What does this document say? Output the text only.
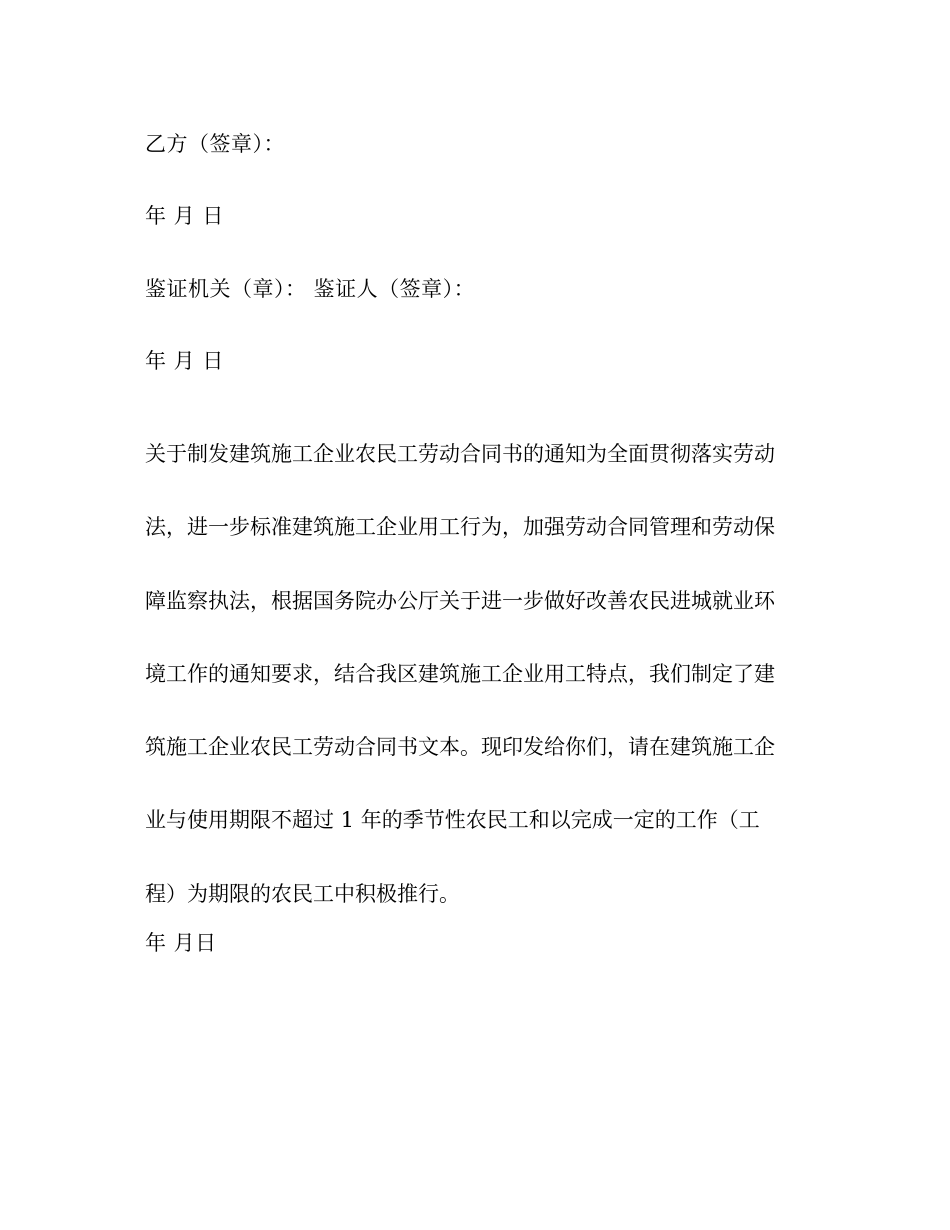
乙方（签章）：
年 月 日
鉴证机关（章）： 鉴证人（签章）：
年 月 日
关于制发建筑施工企业农民工劳动合同书的通知为全面贯彻落实劳动
法，进一步标准建筑施工企业用工行为，加强劳动合同管理和劳动保
障监察执法，根据国务院办公厅关于进一步做好改善农民进城就业环
境工作的通知要求，结合我区建筑施工企业用工特点，我们制定了建
筑施工企业农民工劳动合同书文本。现印发给你们，请在建筑施工企
业与使用期限不超过 1 年的季节性农民工和以完成一定的工作（工
程）为期限的农民工中积极推行。
年 月日
